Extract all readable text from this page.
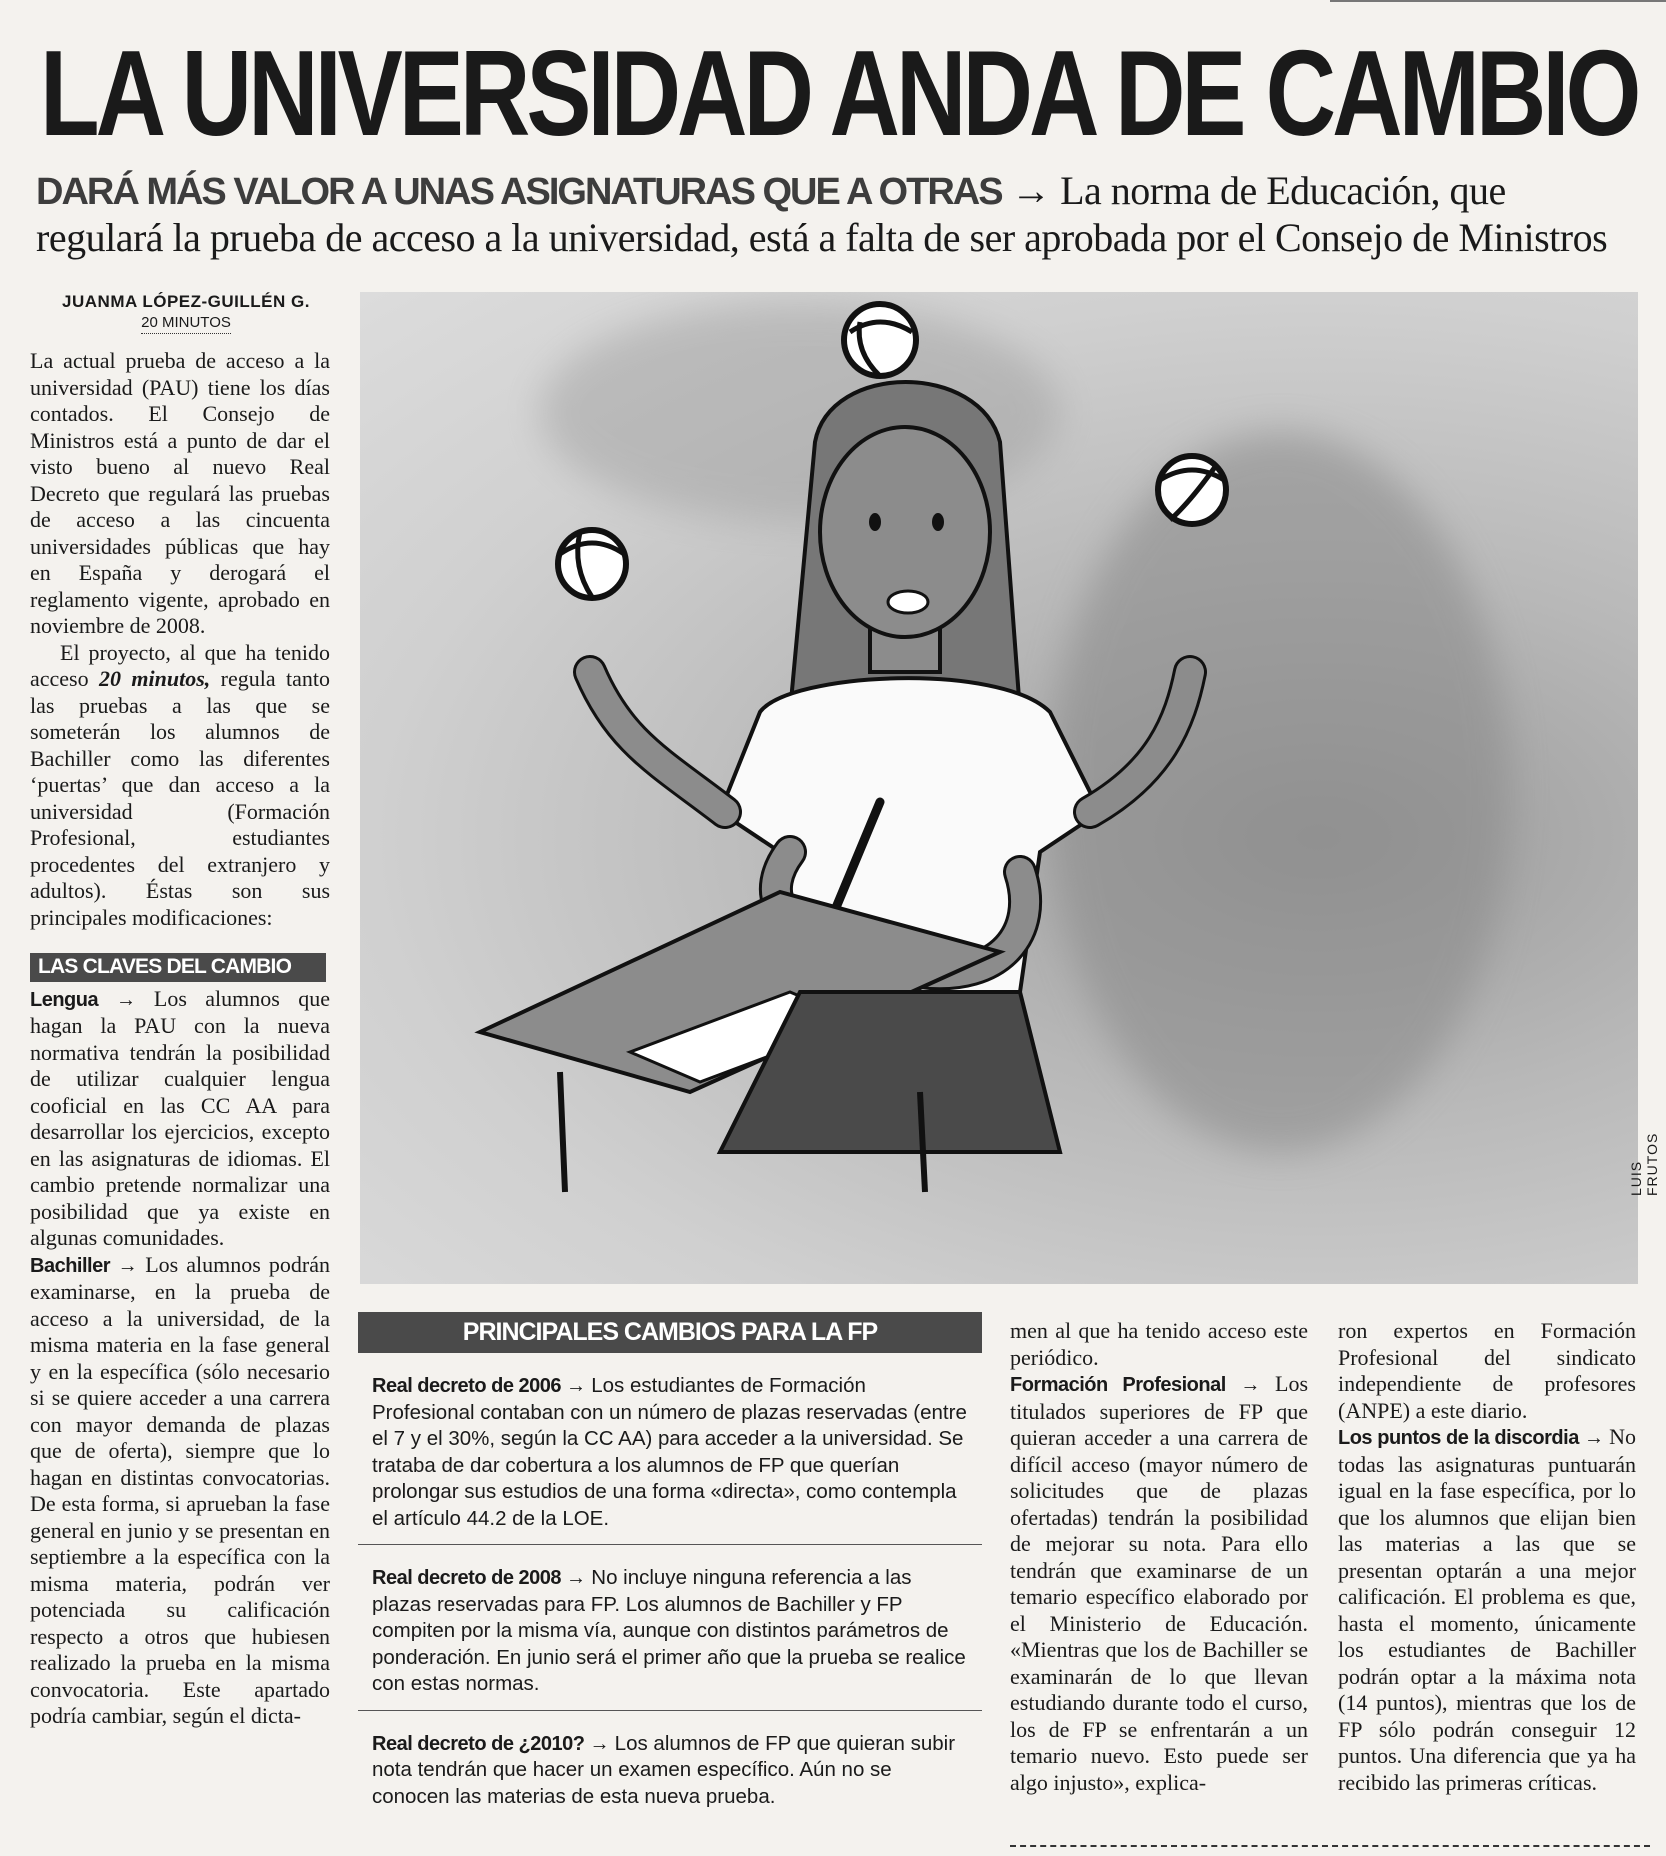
LA UNIVERSIDAD ANDA DE CAMBIO

DARÁ MÁS VALOR A UNAS ASIGNATURAS QUE A OTRAS → La norma de Educación, que regulará la prueba de acceso a la universidad, está a falta de ser aprobada por el Consejo de Ministros

JUANMA LÓPEZ-GUILLÉN G.
20 MINUTOS

La actual prueba de acceso a la universidad (PAU) tiene los días contados. El Consejo de Ministros está a punto de dar el visto bueno al nuevo Real Decreto que regulará las pruebas de acceso a las cincuenta universidades públicas que hay en España y derogará el reglamento vigente, aprobado en noviembre de 2008.

El proyecto, al que ha tenido acceso 20 minutos, regula tanto las pruebas a las que se someterán los alumnos de Bachiller como las diferentes ‘puertas’ que dan acceso a la universidad (Formación Profesional, estudiantes procedentes del extranjero y adultos). Éstas son sus principales modificaciones:

LAS CLAVES DEL CAMBIO

Lengua → Los alumnos que hagan la PAU con la nueva normativa tendrán la posibilidad de utilizar cualquier lengua cooficial en las CC AA para desarrollar los ejercicios, excepto en las asignaturas de idiomas. El cambio pretende normalizar una posibilidad que ya existe en algunas comunidades.

Bachiller → Los alumnos podrán examinarse, en la prueba de acceso a la universidad, de la misma materia en la fase general y en la específica (sólo necesario si se quiere acceder a una carrera con mayor demanda de plazas que de oferta), siempre que lo hagan en distintas convocatorias. De esta forma, si aprueban la fase general en junio y se presentan en septiembre a la específica con la misma materia, podrán ver potenciada su calificación respecto a otros que hubiesen realizado la prueba en la misma convocatoria. Este apartado podría cambiar, según el dicta-

LUIS FRUTOS
PRINCIPALES CAMBIOS PARA LA FP
Real decreto de 2006 → Los estudiantes de Formación Profesional contaban con un número de plazas reservadas (entre el 7 y el 30%, según la CC AA) para acceder a la universidad. Se trataba de dar cobertura a los alumnos de FP que querían prolongar sus estudios de una forma «directa», como contempla el artículo 44.2 de la LOE.
Real decreto de 2008 → No incluye ninguna referencia a las plazas reservadas para FP. Los alumnos de Bachiller y FP compiten por la misma vía, aunque con distintos parámetros de ponderación. En junio será el primer año que la prueba se realice con estas normas.
Real decreto de ¿2010? → Los alumnos de FP que quieran subir nota tendrán que hacer un examen específico. Aún no se conocen las materias de esta nueva prueba.

men al que ha tenido acceso este periódico.

Formación Profesional → Los titulados superiores de FP que quieran acceder a una carrera de difícil acceso (mayor número de solicitudes que de plazas ofertadas) tendrán la posibilidad de mejorar su nota. Para ello tendrán que examinarse de un temario específico elaborado por el Ministerio de Educación. «Mientras que los de Bachiller se examinarán de lo que llevan estudiando durante todo el curso, los de FP se enfrentarán a un temario nuevo. Esto puede ser algo injusto», explica-

ron expertos en Formación Profesional del sindicato independiente de profesores (ANPE) a este diario.

Los puntos de la discordia → No todas las asignaturas puntuarán igual en la fase específica, por lo que los alumnos que elijan bien las materias a las que se presentan optarán a una mejor calificación. El problema es que, hasta el momento, únicamente los estudiantes de Bachiller podrán optar a la máxima nota (14 puntos), mientras que los de FP sólo podrán conseguir 12 puntos. Una diferencia que ya ha recibido las primeras críticas.
